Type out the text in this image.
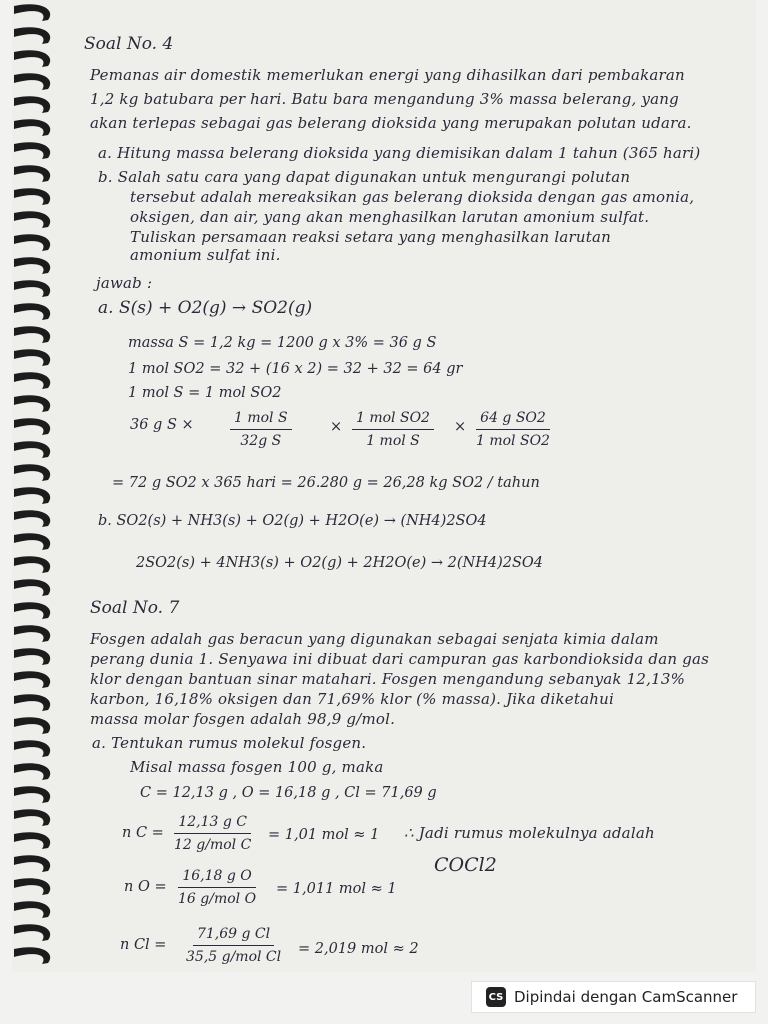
Soal No. 4
Pemanas air domestik memerlukan energi yang dihasilkan dari pembakaran
1,2 kg batubara per hari. Batu bara mengandung 3% massa belerang, yang
akan terlepas sebagai gas belerang dioksida yang merupakan polutan udara.
a. Hitung massa belerang dioksida yang diemisikan dalam 1 tahun (365 hari)
b. Salah satu cara yang dapat digunakan untuk mengurangi polutan
tersebut adalah mereaksikan gas belerang dioksida dengan gas amonia,
oksigen, dan air, yang akan menghasilkan larutan amonium sulfat.
Tuliskan persamaan reaksi setara yang menghasilkan larutan
amonium sulfat ini.
jawab :
a. S(s) + O2(g) → SO2(g)
massa S = 1,2 kg = 1200 g x 3% = 36 g S
1 mol SO2 = 32 + (16 x 2) = 32 + 32 = 64 gr
1 mol S = 1 mol SO2
36 g S ×	1 mol S
32g S
×
1 mol SO2
1 mol S
×
64 g SO2
1 mol SO2
= 72 g SO2 x 365 hari = 26.280 g = 26,28 kg SO2 / tahun
b. SO2(s) + NH3(s) + O2(g) + H2O(e) → (NH4)2SO4
2SO2(s) + 4NH3(s) + O2(g) + 2H2O(e) → 2(NH4)2SO4
Soal No. 7
Fosgen adalah gas beracun yang digunakan sebagai senjata kimia dalam
perang dunia 1. Senyawa ini dibuat dari campuran gas karbondioksida dan gas
klor dengan bantuan sinar matahari. Fosgen mengandung sebanyak 12,13%
karbon, 16,18% oksigen dan 71,69% klor (% massa). Jika diketahui
massa molar fosgen adalah 98,9 g/mol.
a. Tentukan rumus molekul fosgen.
Misal massa fosgen 100 g, maka
C = 12,13 g , O = 16,18 g , Cl = 71,69 g
n C =
12,13 g C
12 g/mol C
= 1,01 mol ≈ 1 ∴ Jadi rumus molekulnya adalah
COCl2
n O =
16,18 g O
16 g/mol O
= 1,011 mol ≈ 1
n Cl =
71,69 g Cl
35,5 g/mol Cl
= 2,019 mol ≈ 2
CS Dipindai dengan CamScanner
